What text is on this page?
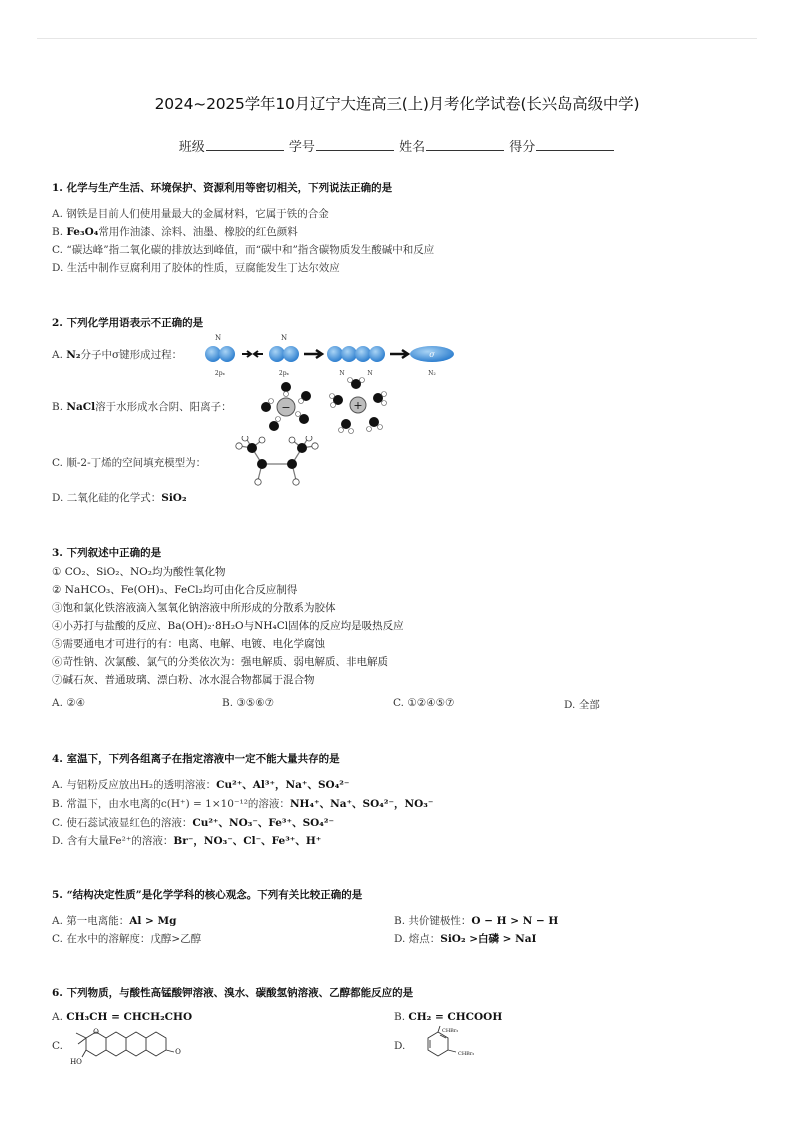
2024~2025学年10月辽宁大连高三(上)月考化学试卷(长兴岛高级中学)
班级	学号	姓名	得分
1. 化学与生产生活、环境保护、资源利用等密切相关，下列说法正确的是
A. 钢铁是目前人们使用量最大的金属材料，它属于铁的合金
B. Fe₃O₄常用作油漆、涂料、油墨、橡胶的红色颜料
C. “碳达峰”指二氧化碳的排放达到峰值，而“碳中和”指含碳物质发生酸碱中和反应
D. 生活中制作豆腐利用了胶体的性质，豆腐能发生丁达尔效应
2. 下列化学用语表示不正确的是
A. N₂分子中σ键形成过程：
N
2pₓ
N
2pₓ	N	N
σ
N₂
B. NaCl溶于水形成水合阴、阳离子：	−	+
C. 顺-2-丁烯的空间填充模型为：
D. 二氧化硅的化学式：SiO₂
3. 下列叙述中正确的是
① CO₂、SiO₂、NO₂均为酸性氧化物
② NaHCO₃、Fe(OH)₃、FeCl₂均可由化合反应制得
③饱和氯化铁溶液滴入氢氧化钠溶液中所形成的分散系为胶体
④小苏打与盐酸的反应、Ba(OH)₂·8H₂O与NH₄Cl固体的反应均是吸热反应
⑤需要通电才可进行的有：电离、电解、电镀、电化学腐蚀
⑥苛性钠、次氯酸、氯气的分类依次为：强电解质、弱电解质、非电解质
⑦碱石灰、普通玻璃、漂白粉、冰水混合物都属于混合物
A. ②④	B. ③⑤⑥⑦	C. ①②④⑤⑦	D. 全部
4. 室温下，下列各组离子在指定溶液中一定不能大量共存的是
A. 与铝粉反应放出H₂的透明溶液：Cu²⁺、Al³⁺，Na⁺、SO₄²⁻
B. 常温下，由水电离的c(H⁺) = 1×10⁻¹²的溶液：NH₄⁺、Na⁺、SO₄²⁻，NO₃⁻
C. 使石蕊试液显红色的溶液：Cu²⁺、NO₃⁻、Fe³⁺、SO₄²⁻
D. 含有大量Fe²⁺的溶液：Br⁻，NO₃⁻、Cl⁻、Fe³⁺、H⁺
5. “结构决定性质”是化学学科的核心观念。下列有关比较正确的是
A. 第一电离能：Al > Mg	B. 共价键极性：O − H > N − H
C. 在水中的溶解度：戊醇>乙醇	D. 熔点：SiO₂ >白磷 > NaI
6. 下列物质，与酸性高锰酸钾溶液、溴水、碳酸氢钠溶液、乙醇都能反应的是
A. CH₃CH = CHCH₂CHO	B. CH₂ = CHCOOH
C.
O
O
HO
D.
CHBr₂
CHBr₂
